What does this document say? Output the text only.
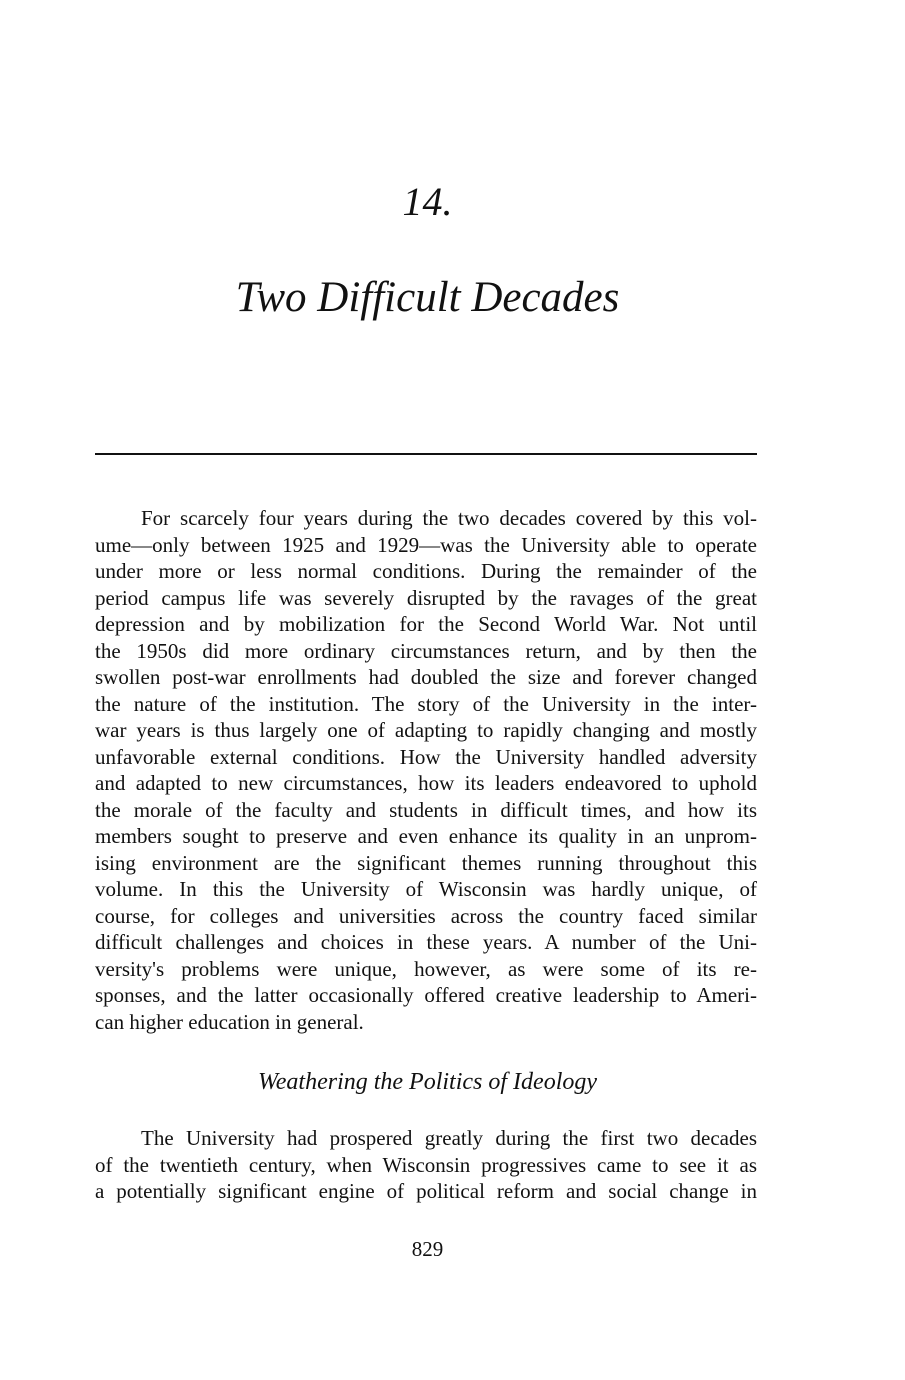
14.
Two Difficult Decades
For scarcely four years during the two decades covered by this vol-
ume—only between 1925 and 1929—was the University able to operate
under more or less normal conditions. During the remainder of the
period campus life was severely disrupted by the ravages of the great
depression and by mobilization for the Second World War. Not until
the 1950s did more ordinary circumstances return, and by then the
swollen post-war enrollments had doubled the size and forever changed
the nature of the institution. The story of the University in the inter-
war years is thus largely one of adapting to rapidly changing and mostly
unfavorable external conditions. How the University handled adversity
and adapted to new circumstances, how its leaders endeavored to uphold
the morale of the faculty and students in difficult times, and how its
members sought to preserve and even enhance its quality in an unprom-
ising environment are the significant themes running throughout this
volume. In this the University of Wisconsin was hardly unique, of
course, for colleges and universities across the country faced similar
difficult challenges and choices in these years. A number of the Uni-
versity's problems were unique, however, as were some of its re-
sponses, and the latter occasionally offered creative leadership to Ameri-
can higher education in general.
Weathering the Politics of Ideology
The University had prospered greatly during the first two decades
of the twentieth century, when Wisconsin progressives came to see it as
a potentially significant engine of political reform and social change in
829
